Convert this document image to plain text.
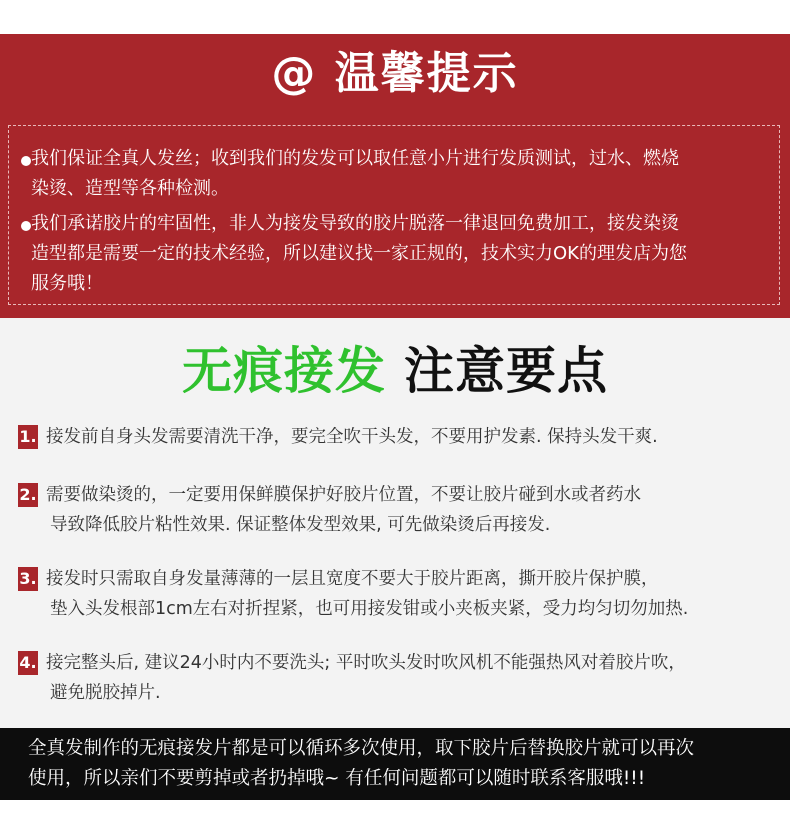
@ 温馨提示
我们保证全真人发丝；收到我们的发发可以取任意小片进行发质测试，过水、燃烧
染烫、造型等各种检测。
我们承诺胶片的牢固性，非人为接发导致的胶片脱落一律退回免费加工，接发染烫
造型都是需要一定的技术经验，所以建议找一家正规的，技术实力OK的理发店为您
服务哦！
无痕接发 注意要点
1. 接发前自身头发需要清洗干净，要完全吹干头发，不要用护发素. 保持头发干爽.
2. 需要做染烫的，一定要用保鲜膜保护好胶片位置，不要让胶片碰到水或者药水
导致降低胶片粘性效果. 保证整体发型效果, 可先做染烫后再接发.
3. 接发时只需取自身发量薄薄的一层且宽度不要大于胶片距离，撕开胶片保护膜，
垫入头发根部1cm左右对折捏紧，也可用接发钳或小夹板夹紧，受力均匀切勿加热.
4. 接完整头后, 建议24小时内不要洗头; 平时吹头发时吹风机不能强热风对着胶片吹，
避免脱胶掉片.
全真发制作的无痕接发片都是可以循环多次使用，取下胶片后替换胶片就可以再次
使用，所以亲们不要剪掉或者扔掉哦~ 有任何问题都可以随时联系客服哦!!!
